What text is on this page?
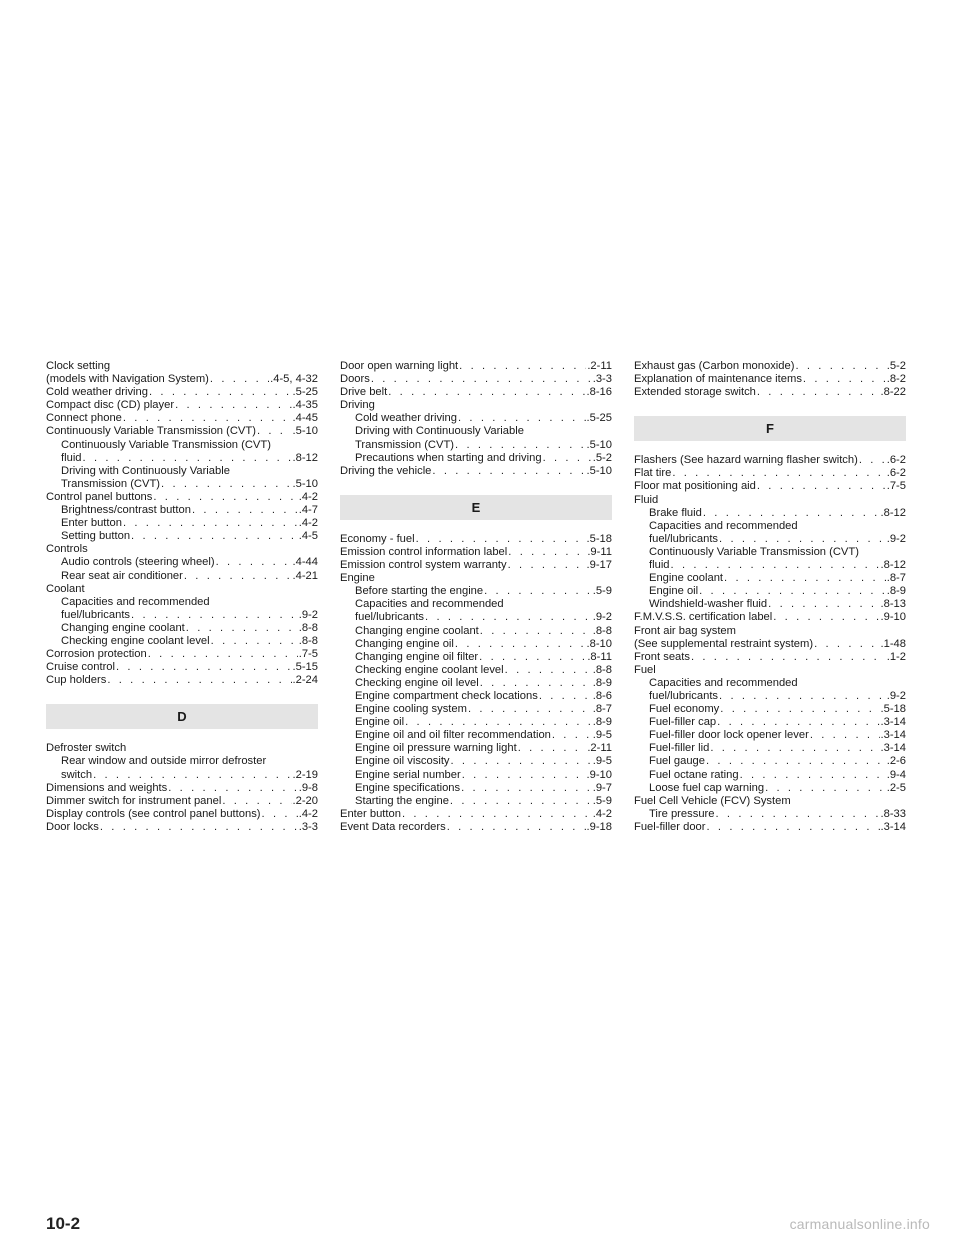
Clock setting
(models with Navigation System) . . .	.4-5, 4-32
Cold weather driving . . .	.5-25
Compact disc (CD) player . . .	.4-35
Connect phone . . .	.4-45
Continuously Variable Transmission (CVT) . . .	.5-10
Continuously Variable Transmission (CVT)
fluid . . .	.8-12
Driving with Continuously Variable
Transmission (CVT) . . .	.5-10
Control panel buttons . . .	.4-2
Brightness/contrast button . . .	.4-7
Enter button . . .	.4-2
Setting button . . .	.4-5
Controls
Audio controls (steering wheel) . . .	.4-44
Rear seat air conditioner . . .	.4-21
Coolant
Capacities and recommended
fuel/lubricants . . .	.9-2
Changing engine coolant . . .	.8-8
Checking engine coolant level . . .	.8-8
Corrosion protection . . .	.7-5
Cruise control . . .	.5-15
Cup holders . . .	.2-24
D
Defroster switch
Rear window and outside mirror defroster
switch . . .	.2-19
Dimensions and weights . . .	.9-8
Dimmer switch for instrument panel . . .	.2-20
Display controls (see control panel buttons) . . .	.4-2
Door locks . . .	.3-3
Door open warning light . . .	.2-11
Doors . . .	.3-3
Drive belt . . .	.8-16
Driving
Cold weather driving . . .	.5-25
Driving with Continuously Variable
Transmission (CVT) . . .	.5-10
Precautions when starting and driving . . .	.5-2
Driving the vehicle . . .	.5-10
E
Economy - fuel . . .	.5-18
Emission control information label . . .	.9-11
Emission control system warranty . . .	.9-17
Engine
Before starting the engine . . .	.5-9
Capacities and recommended
fuel/lubricants . . .	.9-2
Changing engine coolant . . .	.8-8
Changing engine oil . . .	.8-10
Changing engine oil filter . . .	.8-11
Checking engine coolant level . . .	.8-8
Checking engine oil level . . .	.8-9
Engine compartment check locations . . .	.8-6
Engine cooling system . . .	.8-7
Engine oil . . .	.8-9
Engine oil and oil filter recommendation . . .	.9-5
Engine oil pressure warning light . . .	.2-11
Engine oil viscosity . . .	.9-5
Engine serial number . . .	.9-10
Engine specifications . . .	.9-7
Starting the engine . . .	.5-9
Enter button . . .	.4-2
Event Data recorders . . .	.9-18
Exhaust gas (Carbon monoxide) . . .	.5-2
Explanation of maintenance items . . .	.8-2
Extended storage switch . . .	.8-22
F
Flashers (See hazard warning flasher switch) . . .	.6-2
Flat tire . . .	.6-2
Floor mat positioning aid . . .	.7-5
Fluid
Brake fluid . . .	.8-12
Capacities and recommended
fuel/lubricants . . .	.9-2
Continuously Variable Transmission (CVT)
fluid . . .	.8-12
Engine coolant . . .	.8-7
Engine oil . . .	.8-9
Windshield-washer fluid . . .	.8-13
F.M.V.S.S. certification label . . .	.9-10
Front air bag system
(See supplemental restraint system) . . .	.1-48
Front seats . . .	.1-2
Fuel
Capacities and recommended
fuel/lubricants . . .	.9-2
Fuel economy . . .	.5-18
Fuel-filler cap . . .	.3-14
Fuel-filler door lock opener lever . . .	.3-14
Fuel-filler lid . . .	.3-14
Fuel gauge . . .	.2-6
Fuel octane rating . . .	.9-4
Loose fuel cap warning . . .	.2-5
Fuel Cell Vehicle (FCV) System
Tire pressure . . .	.8-33
Fuel-filler door . . .	.3-14
10-2	carmanualsonline.info
